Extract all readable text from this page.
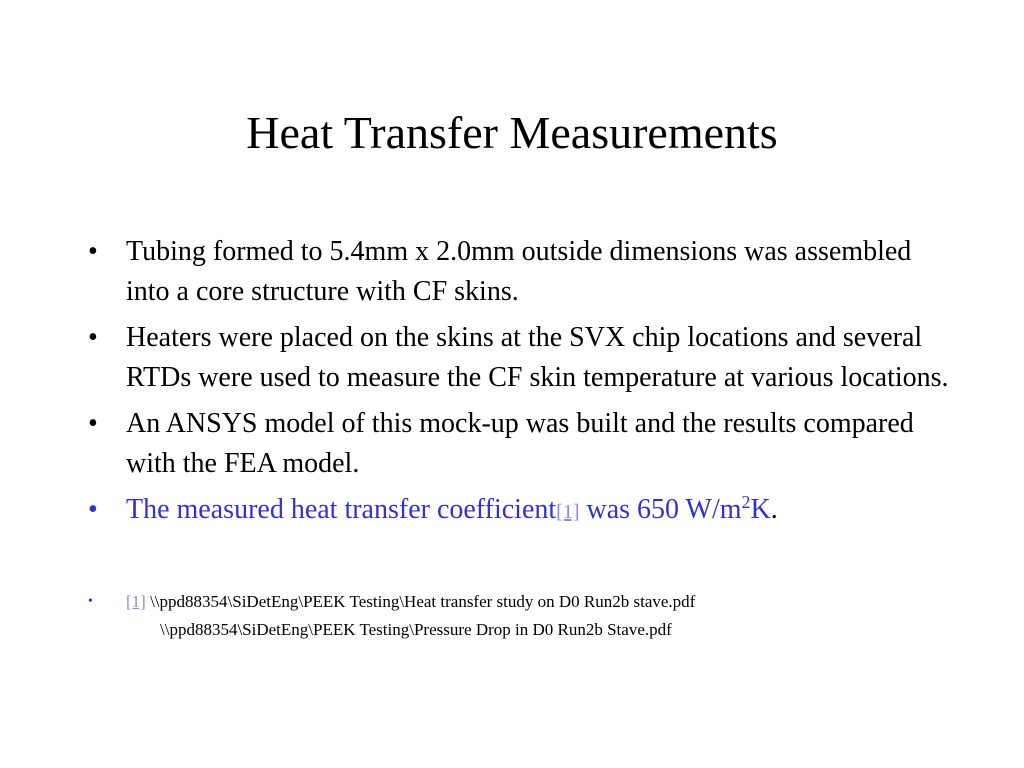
Heat Transfer Measurements
• Tubing formed to 5.4mm x 2.0mm outside dimensions was assembled into a core structure with CF skins.
• Heaters were placed on the skins at the SVX chip locations and several RTDs were used to measure the CF skin temperature at various locations.
• An ANSYS model of this mock-up was built and the results compared with the FEA model.
• The measured heat transfer coefficient[1] was 650 $W/m^2K$.
• [1] \\ppd88354\SiDetEng\PEEK Testing\Heat transfer study on D0 Run2b stave.pdf
\\ppd88354\SiDetEng\PEEK Testing\Pressure Drop in D0 Run2b Stave.pdf
